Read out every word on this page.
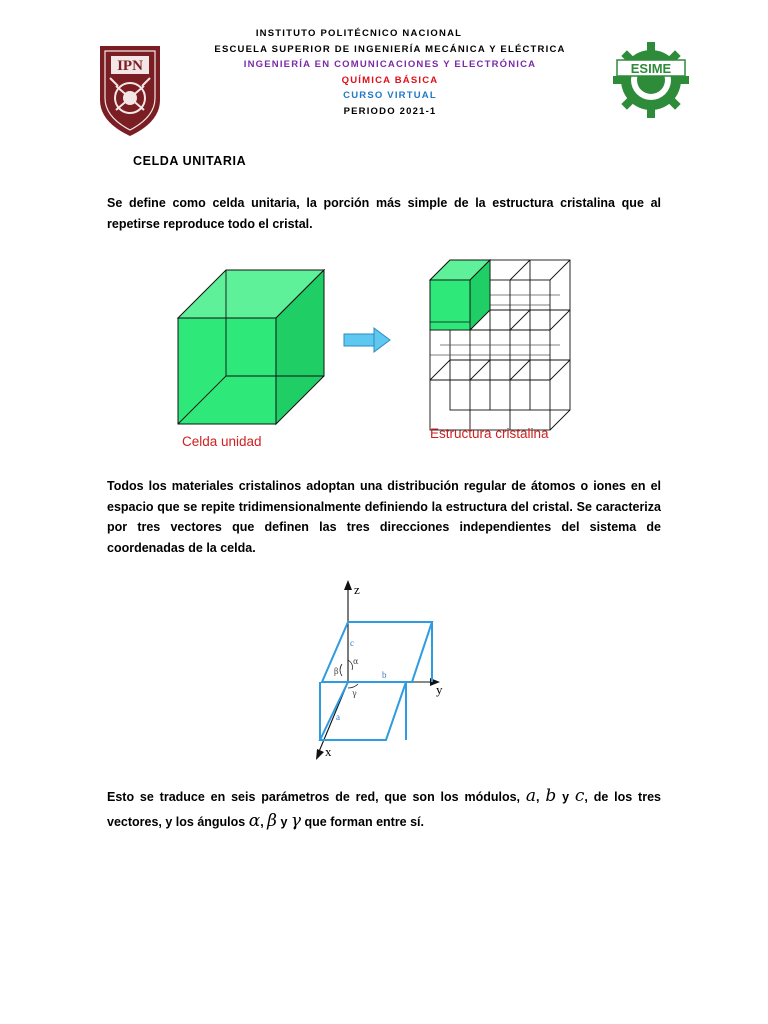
INSTITUTO POLITÉCNICO NACIONAL
ESCUELA SUPERIOR DE INGENIERÍA MECÁNICA Y ELÉCTRICA
INGENIERÍA EN COMUNICACIONES Y ELECTRÓNICA
QUÍMICA BÁSICA
CURSO VIRTUAL
PERIODO 2021-1
IPN	ESIME
CELDA UNITARIA
Se define como celda unitaria, la porción más simple de la estructura cristalina que al repetirse reproduce todo el cristal.
Celda unidad
Estructura cristalina
Todos los materiales cristalinos adoptan una distribución regular de átomos o iones en el espacio que se repite tridimensionalmente definiendo la estructura del cristal. Se caracteriza por tres vectores que definen las tres direcciones independientes del sistema de coordenadas de la celda.
z
y
x
c
b
a
α
β
γ
Esto se traduce en seis parámetros de red, que son los módulos, a, b y c, de los tres vectores, y los ángulos α, β y γ que forman entre sí.
